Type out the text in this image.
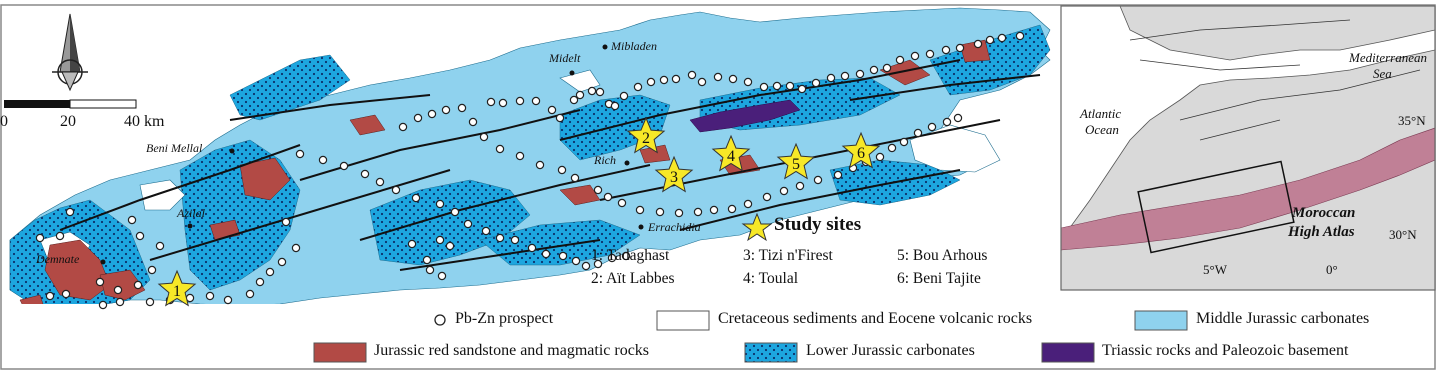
1
2
3
4	5
6
0	20	40 km
Beni Mellal
Azilal
Demnate
Midelt
Mibladen
Rich
Errachidia	Study sites
1: Tadaghast
2: Aït Labbes
3: Tizi n'Firest
4: Toulal
5: Bou Arhous
6: Beni Tajite
Atlantic
Ocean
Mediterranean
Sea
35°N
Moroccan
High Atlas	30°N
5°W	0°
Pb-Zn prospect	Cretaceous sediments and Eocene volcanic rocks	Middle Jurassic carbonates
Jurassic red sandstone and magmatic rocks	Lower Jurassic carbonates	Triassic rocks and Paleozoic basement
